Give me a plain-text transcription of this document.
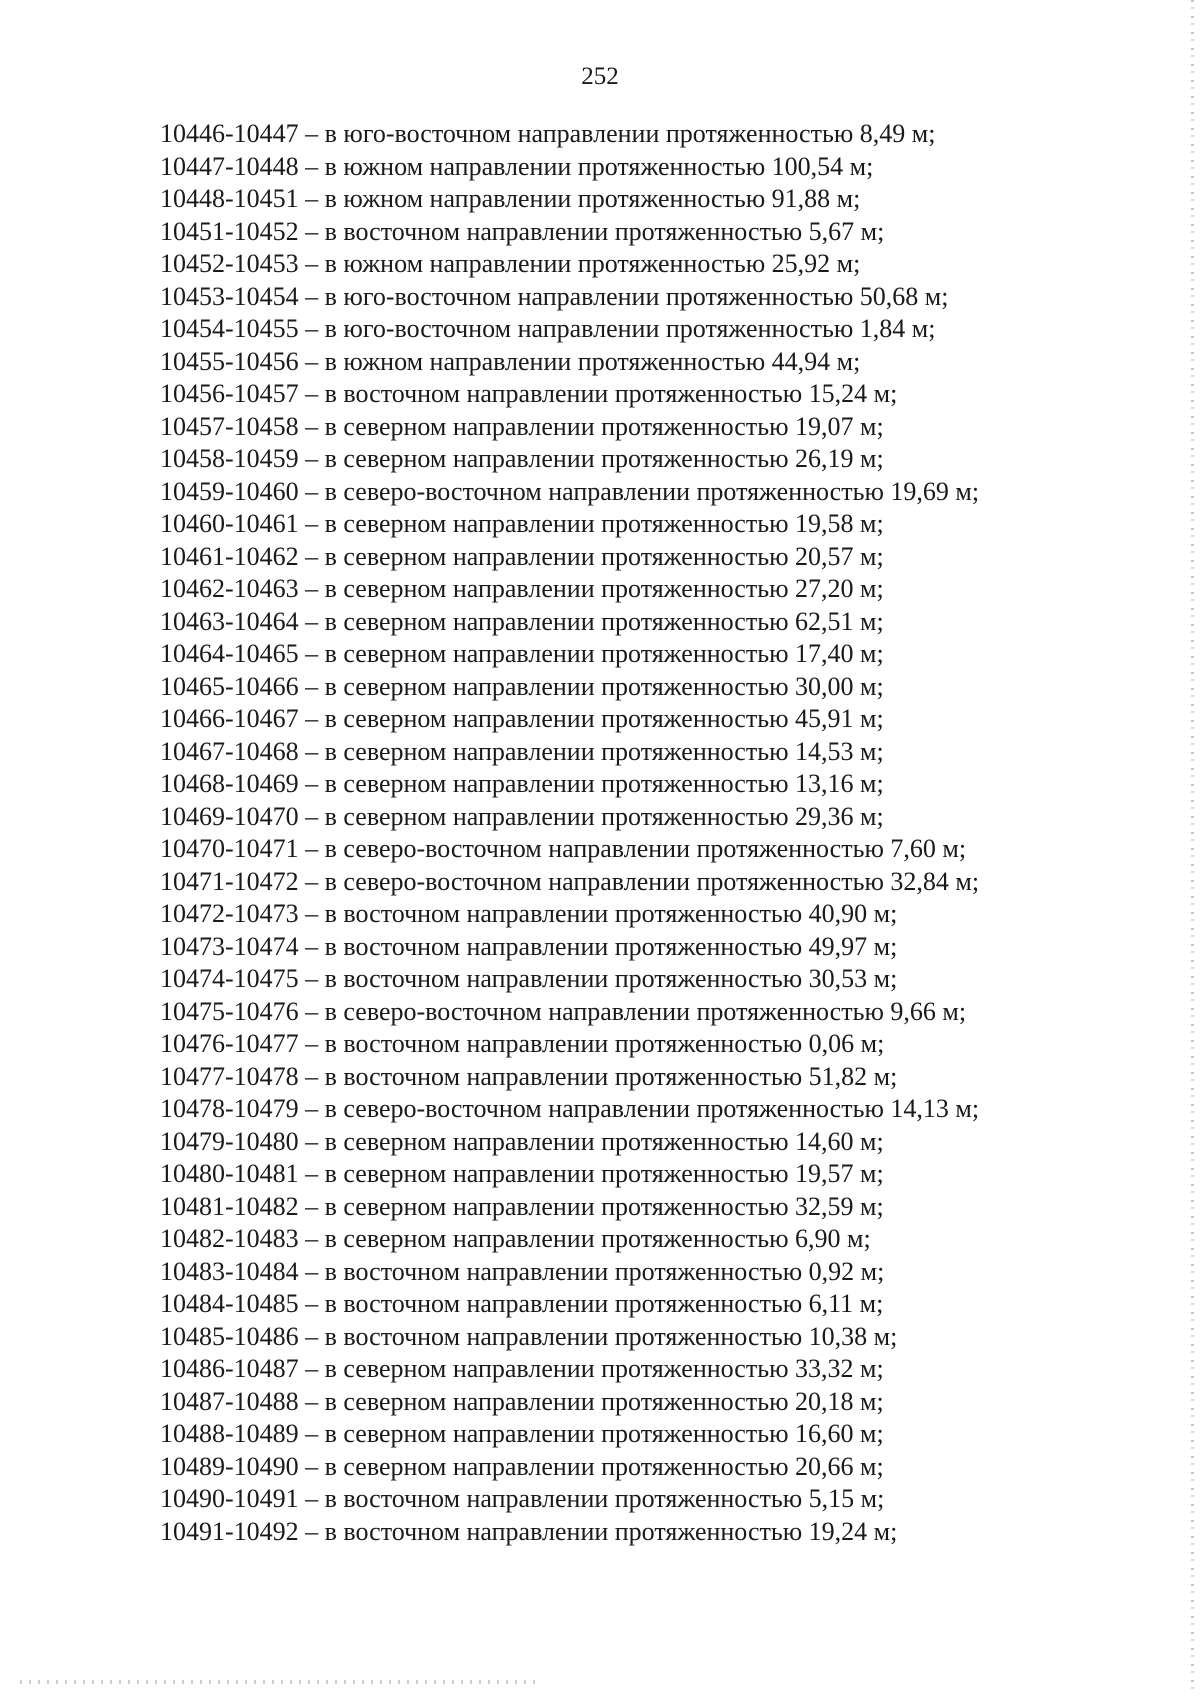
252
10446-10447 – в юго-восточном направлении протяженностью 8,49 м;
10447-10448 – в южном направлении протяженностью 100,54 м;
10448-10451 – в южном направлении протяженностью 91,88 м;
10451-10452 – в восточном направлении протяженностью 5,67 м;
10452-10453 – в южном направлении протяженностью 25,92 м;
10453-10454 – в юго-восточном направлении протяженностью 50,68 м;
10454-10455 – в юго-восточном направлении протяженностью 1,84 м;
10455-10456 – в южном направлении протяженностью 44,94 м;
10456-10457 – в восточном направлении протяженностью 15,24 м;
10457-10458 – в северном направлении протяженностью 19,07 м;
10458-10459 – в северном направлении протяженностью 26,19 м;
10459-10460 – в северо-восточном направлении протяженностью 19,69 м;
10460-10461 – в северном направлении протяженностью 19,58 м;
10461-10462 – в северном направлении протяженностью 20,57 м;
10462-10463 – в северном направлении протяженностью 27,20 м;
10463-10464 – в северном направлении протяженностью 62,51 м;
10464-10465 – в северном направлении протяженностью 17,40 м;
10465-10466 – в северном направлении протяженностью 30,00 м;
10466-10467 – в северном направлении протяженностью 45,91 м;
10467-10468 – в северном направлении протяженностью 14,53 м;
10468-10469 – в северном направлении протяженностью 13,16 м;
10469-10470 – в северном направлении протяженностью 29,36 м;
10470-10471 – в северо-восточном направлении протяженностью 7,60 м;
10471-10472 – в северо-восточном направлении протяженностью 32,84 м;
10472-10473 – в восточном направлении протяженностью 40,90 м;
10473-10474 – в восточном направлении протяженностью 49,97 м;
10474-10475 – в восточном направлении протяженностью 30,53 м;
10475-10476 – в северо-восточном направлении протяженностью 9,66 м;
10476-10477 – в восточном направлении протяженностью 0,06 м;
10477-10478 – в восточном направлении протяженностью 51,82 м;
10478-10479 – в северо-восточном направлении протяженностью 14,13 м;
10479-10480 – в северном направлении протяженностью 14,60 м;
10480-10481 – в северном направлении протяженностью 19,57 м;
10481-10482 – в северном направлении протяженностью 32,59 м;
10482-10483 – в северном направлении протяженностью 6,90 м;
10483-10484 – в восточном направлении протяженностью 0,92 м;
10484-10485 – в восточном направлении протяженностью 6,11 м;
10485-10486 – в восточном направлении протяженностью 10,38 м;
10486-10487 – в северном направлении протяженностью 33,32 м;
10487-10488 – в северном направлении протяженностью 20,18 м;
10488-10489 – в северном направлении протяженностью 16,60 м;
10489-10490 – в северном направлении протяженностью 20,66 м;
10490-10491 – в восточном направлении протяженностью 5,15 м;
10491-10492 – в восточном направлении протяженностью 19,24 м;
